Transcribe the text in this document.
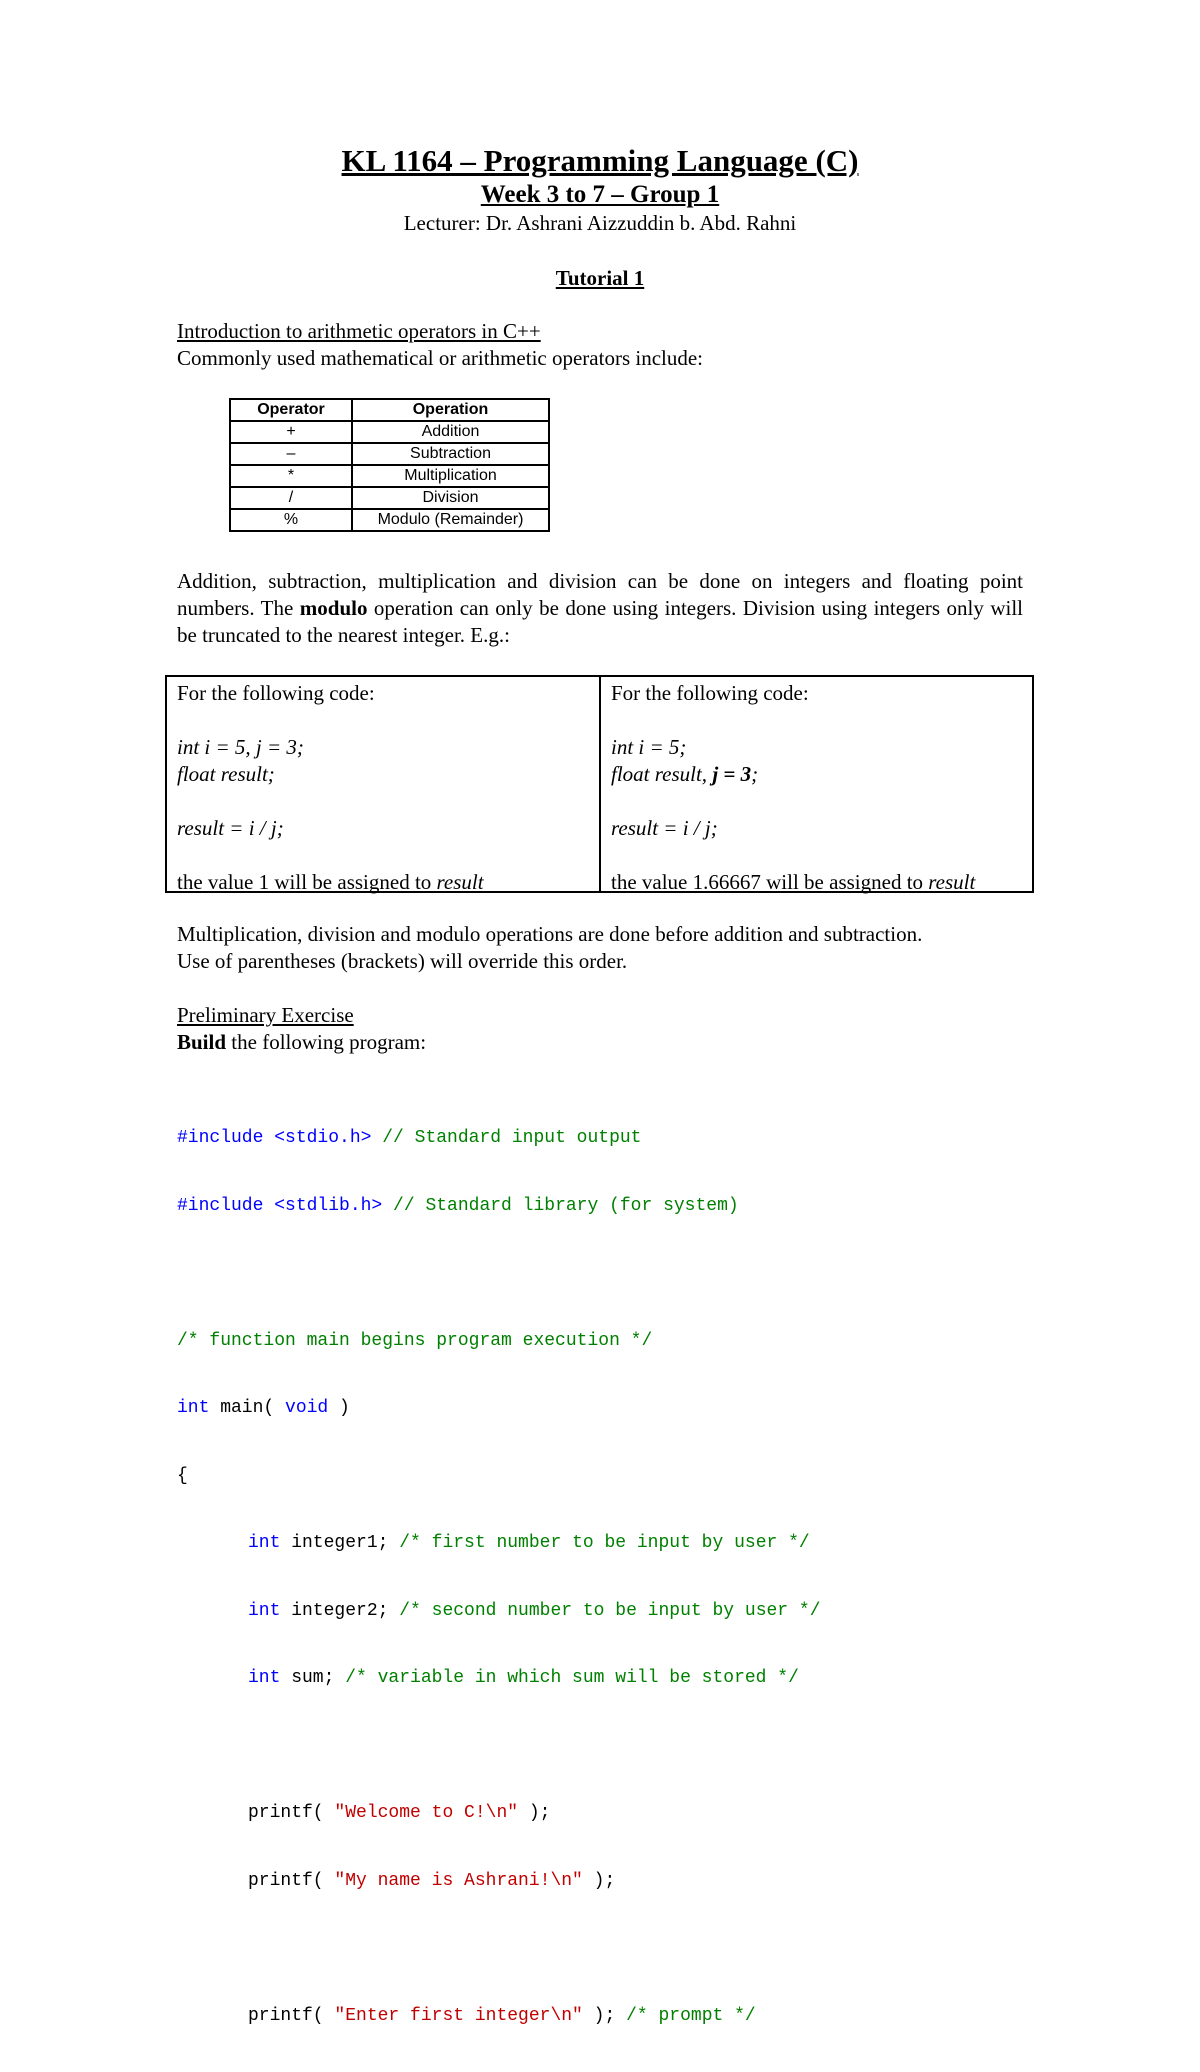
KL 1164 – Programming Language (C)
Week 3 to 7 – Group 1
Lecturer: Dr. Ashrani Aizzuddin b. Abd. Rahni
Tutorial 1
Introduction to arithmetic operators in C++
Commonly used mathematical or arithmetic operators include:
Operator	Operation
+	Addition
–	Subtraction
*	Multiplication
/	Division
%	Modulo (Remainder)
Addition, subtraction, multiplication and division can be done on integers and floating point numbers. The modulo operation can only be done using integers. Division using integers only will be truncated to the nearest integer. E.g.:
For the following code:
int i = 5, j = 3;
float result;
result = i / j;
the value 1 will be assigned to result
For the following code:
int i = 5;
float result, j = 3;
result = i / j;
the value 1.66667 will be assigned to result
Multiplication, division and modulo operations are done before addition and subtraction.
Use of parentheses (brackets) will override this order.
Preliminary Exercise
Build the following program:

#include <stdio.h> // Standard input output

#include <stdlib.h> // Standard library (for system)

/* function main begins program execution */

int main( void )

{

int integer1; /* first number to be input by user */

int integer2; /* second number to be input by user */

int sum; /* variable in which sum will be stored */

printf( "Welcome to C!\n" );

printf( "My name is Ashrani!\n" );

printf( "Enter first integer\n" ); /* prompt */
